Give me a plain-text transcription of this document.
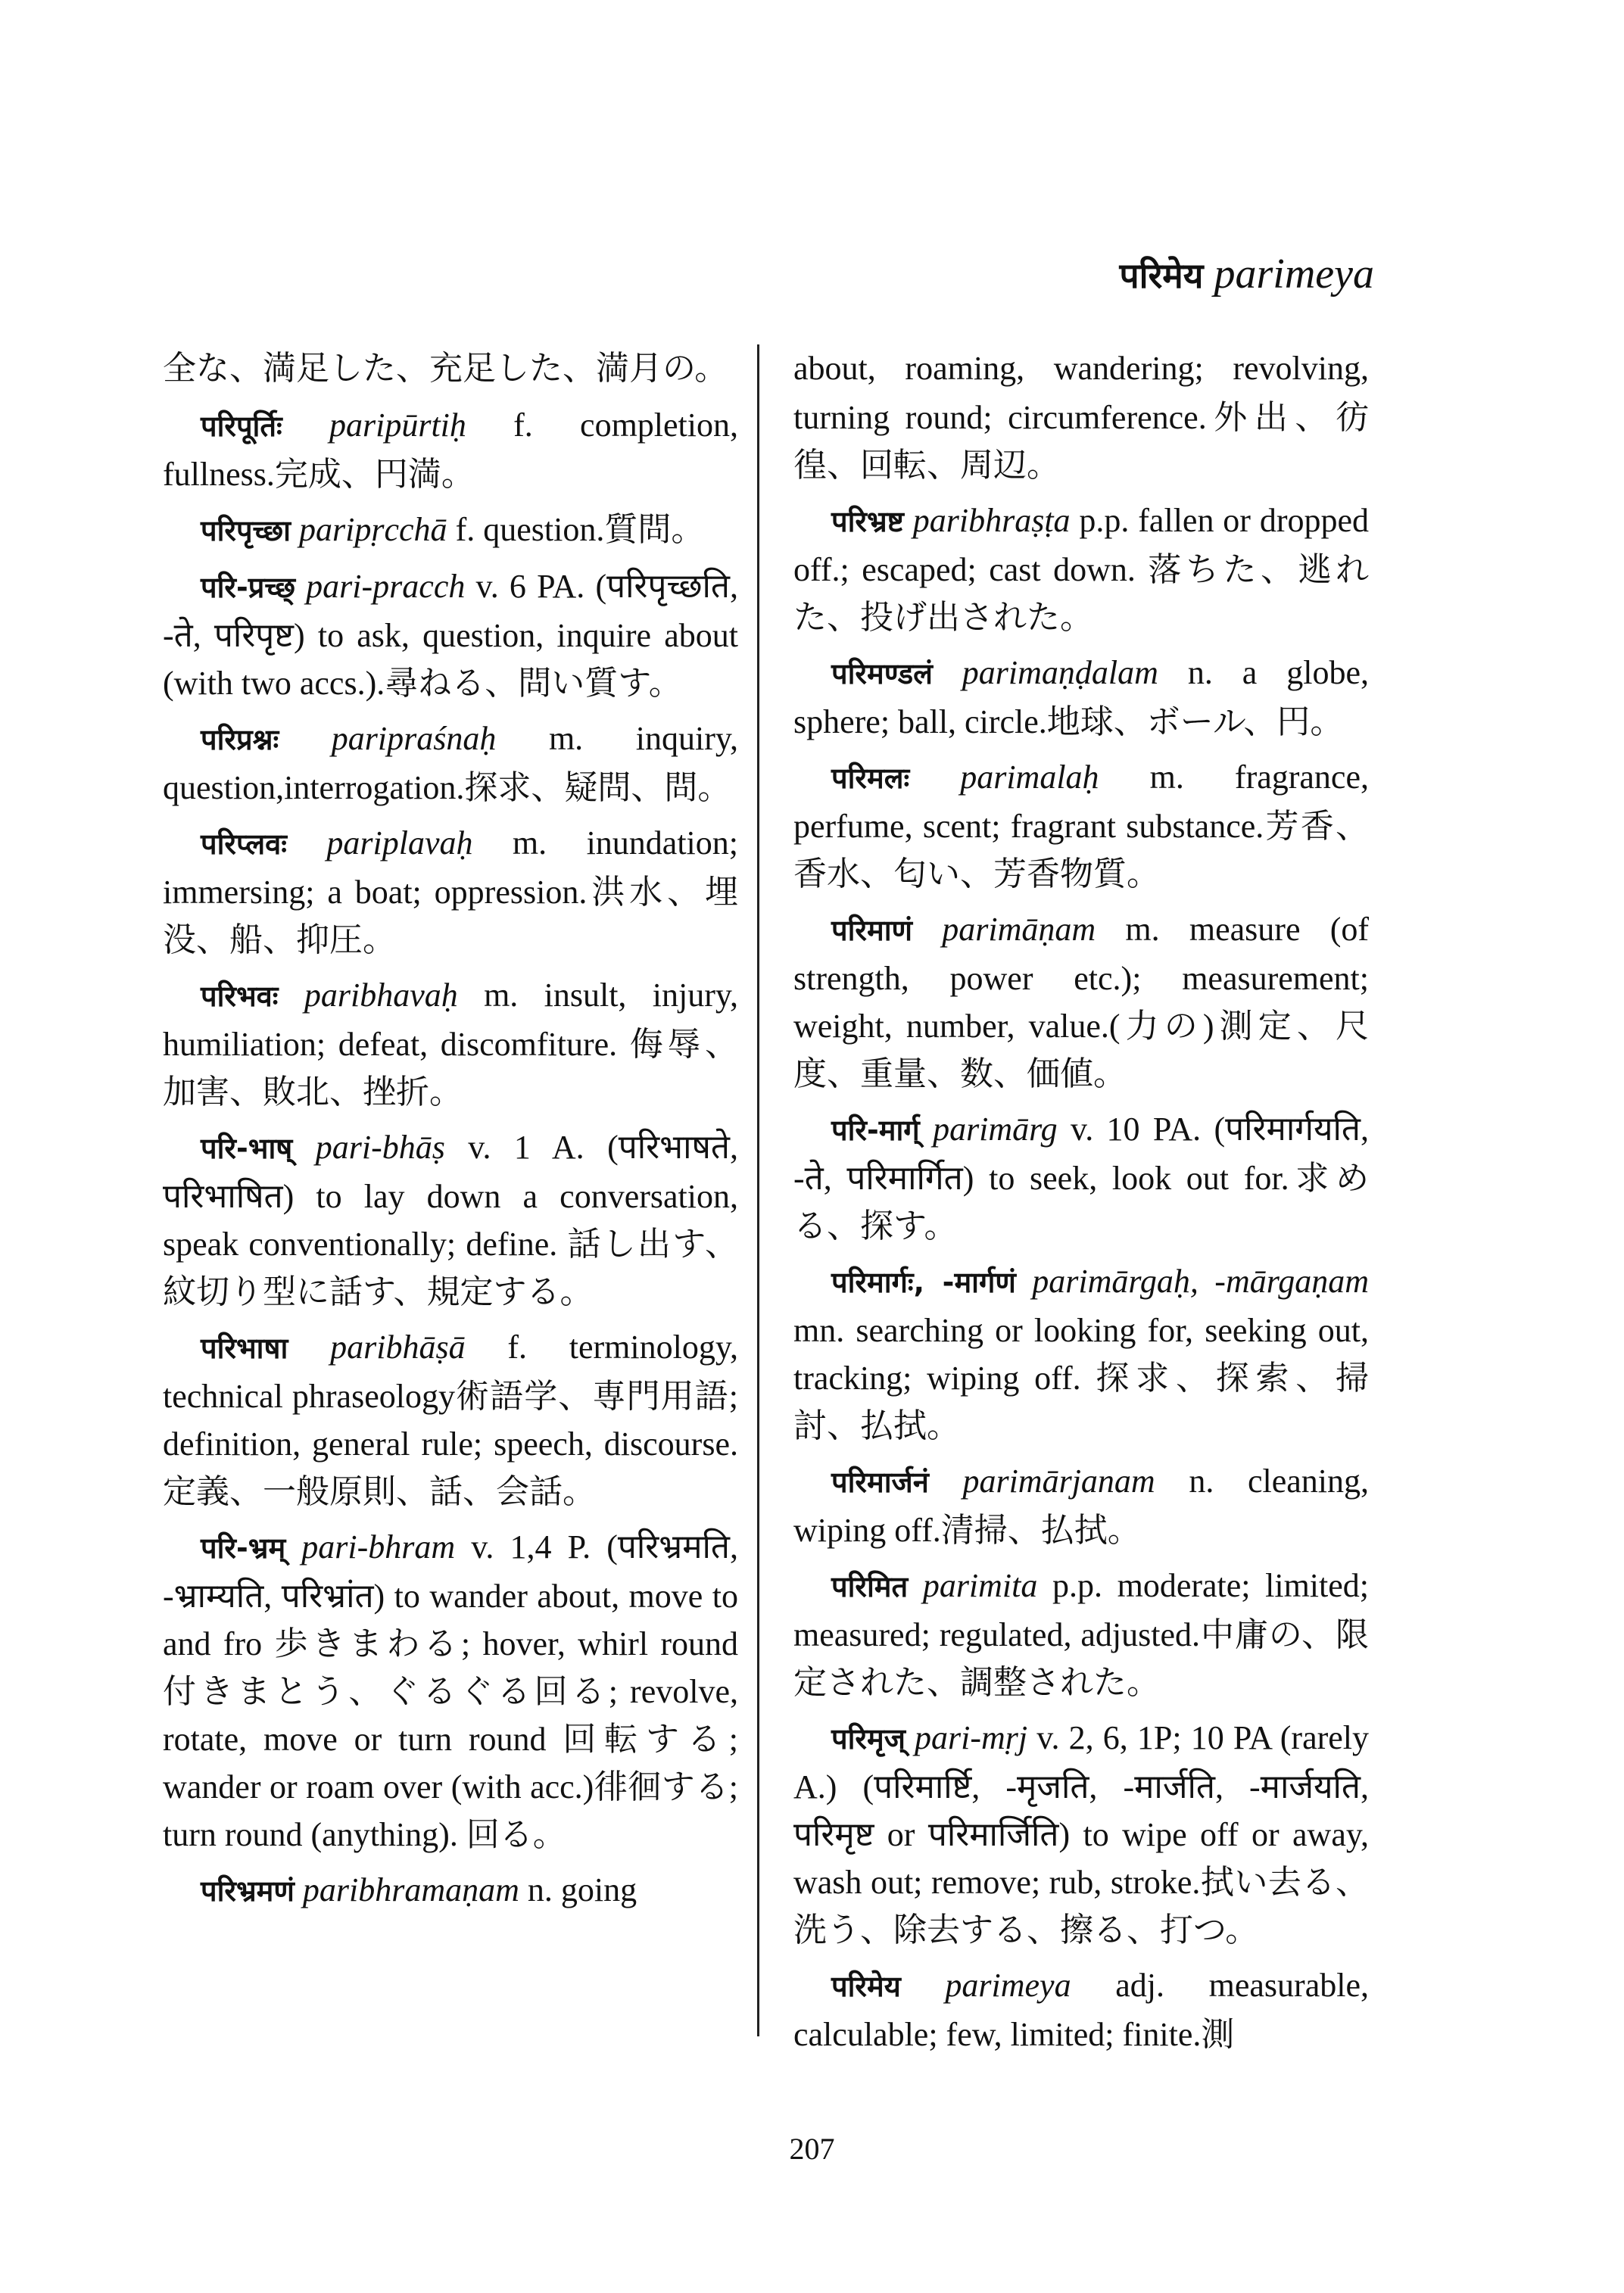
परिमेय parimeya

全な、満足した、充足した、満月の。

परिपूर्तिः paripūrtiḥ f. completion, fullness.完成、円満。

परिपृच्छा paripṛcchā f. question.質問。

परि-प्रच्छ् pari-pracch v. 6 PA. (परिपृच्छति, -ते, परिपृष्ट) to ask, question, inquire about (with two accs.).尋ねる、問い質す。

परिप्रश्नः paripraśnaḥ m. inquiry, question,interrogation.探求、疑問、問。

परिप्लवः pariplavaḥ m. inundation; immersing; a boat; oppression.洪水、埋没、船、抑圧。

परिभवः paribhavaḥ m. insult, injury, humiliation; defeat, discomfiture. 侮辱、加害、敗北、挫折。

परि-भाष् pari-bhāṣ v. 1 A. (परिभाषते, परिभाषित) to lay down a conversation, speak conventionally; define. 話し出す、紋切り型に話す、規定する。

परिभाषा paribhāṣā f. terminology, technical phraseology術語学、専門用語; definition, general rule; speech, discourse.定義、一般原則、話、会話。

परि-भ्रम् pari-bhram v. 1,4 P. (परिभ्रमति, -भ्राम्यति, परिभ्रांत) to wander about, move to and fro 歩きまわる; hover, whirl round 付きまとう、ぐるぐる回る; revolve, rotate, move or turn round 回転する; wander or roam over (with acc.)徘徊する; turn round (anything). 回る。

परिभ्रमणं paribhramaṇam n. going

about, roaming, wandering; revolving, turning round; circumference.外出、彷徨、回転、周辺。

परिभ्रष्ट paribhraṣṭa p.p. fallen or dropped off.; escaped; cast down. 落ちた、逃れた、投げ出された。

परिमण्डलं parimaṇḍalam n. a globe, sphere; ball, circle.地球、ボール、円。

परिमलः parimalaḥ m. fragrance, perfume, scent; fragrant substance.芳香、香水、匂い、芳香物質。

परिमाणं parimāṇam m. measure (of strength, power etc.); measurement; weight, number, value.(力の)測定、尺度、重量、数、価値。

परि-मार्ग् parimārg v. 10 PA. (परिमार्गयति, -ते, परिमार्गित) to seek, look out for.求める、探す。

परिमार्गः, -मार्गणं parimārgaḥ, -mārgaṇam mn. searching or looking for, seeking out, tracking; wiping off. 探求、探索、掃討、払拭。

परिमार्जनं parimārjanam n. cleaning, wiping off.清掃、払拭。

परिमित parimita p.p. moderate; limited; measured; regulated, adjusted.中庸の、限定された、調整された。

परिमृज् pari-mṛj v. 2, 6, 1P; 10 PA (rarely A.) (परिमार्ष्टि, -मृजति, -मार्जति, -मार्जयति, परिमृष्ट or परिमार्जिति) to wipe off or away, wash out; remove; rub, stroke.拭い去る、洗う、除去する、擦る、打つ。

परिमेय parimeya adj. measurable, calculable; few, limited; finite.測

207
